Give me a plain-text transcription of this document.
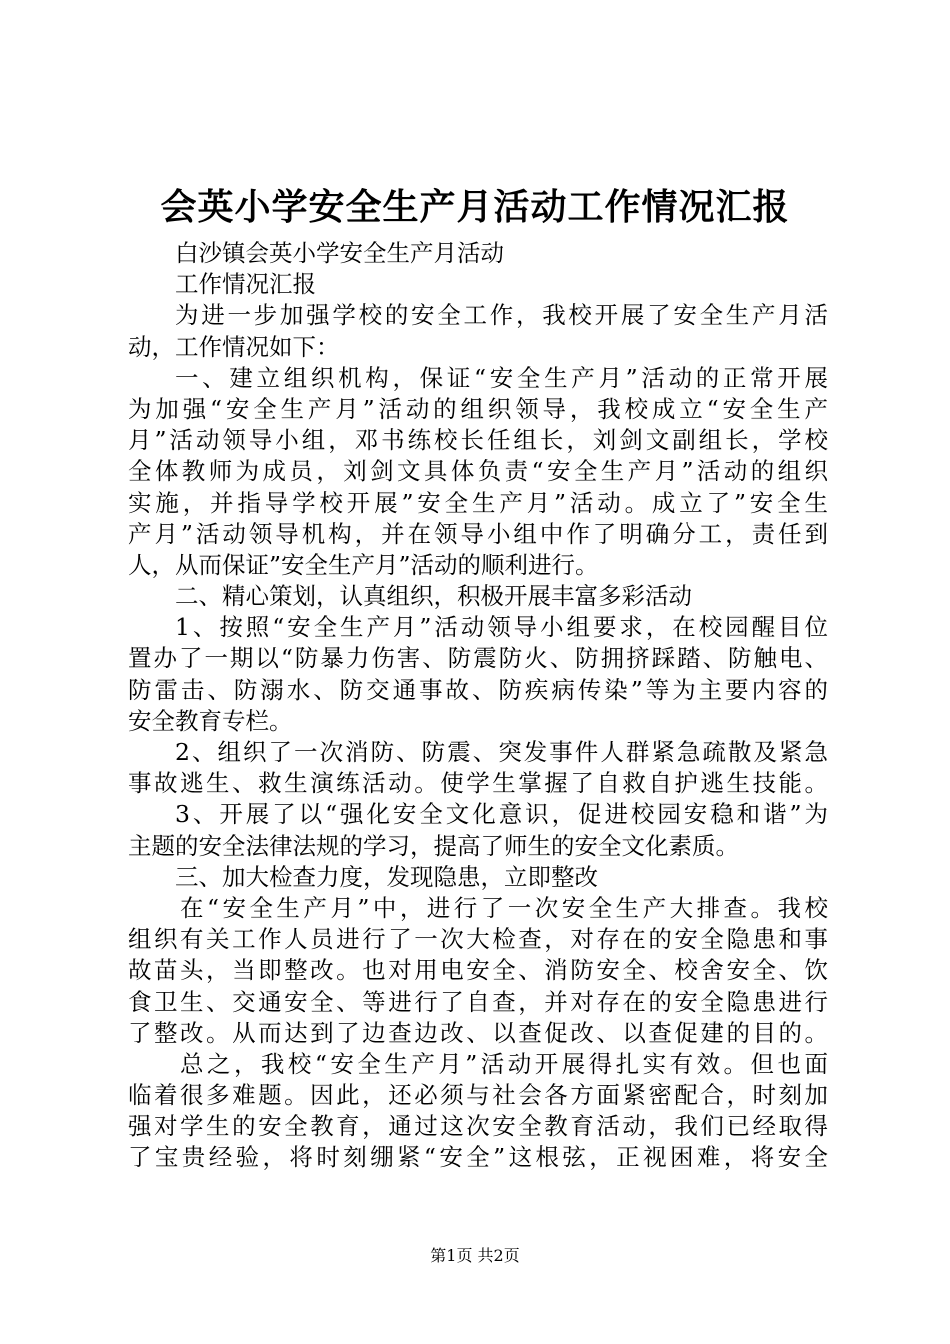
会英小学安全生产月活动工作情况汇报
白沙镇会英小学安全生产月活动
工作情况汇报
为进一步加强学校的安全工作，我校开展了安全生产月活
动，工作情况如下：
一、建立组织机构，保证“安全生产月”活动的正常开展
为加强“安全生产月”活动的组织领导，我校成立“安全生产
月”活动领导小组，邓书练校长任组长，刘剑文副组长，学校
全体教师为成员，刘剑文具体负责“安全生产月”活动的组织
实施，并指导学校开展”安全生产月”活动。成立了”安全生
产月”活动领导机构，并在领导小组中作了明确分工，责任到
人，从而保证”安全生产月”活动的顺利进行。
二、精心策划，认真组织，积极开展丰富多彩活动
1、按照“安全生产月”活动领导小组要求，在校园醒目位
置办了一期以“防暴力伤害、防震防火、防拥挤踩踏、防触电、
防雷击、防溺水、防交通事故、防疾病传染”等为主要内容的
安全教育专栏。
2、组织了一次消防、防震、突发事件人群紧急疏散及紧急
事故逃生、救生演练活动。使学生掌握了自救自护逃生技能。
3、开展了以“强化安全文化意识，促进校园安稳和谐”为
主题的安全法律法规的学习，提高了师生的安全文化素质。
三、加大检查力度，发现隐患，立即整改
在“安全生产月”中，进行了一次安全生产大排查。我校
组织有关工作人员进行了一次大检查，对存在的安全隐患和事
故苗头，当即整改。也对用电安全、消防安全、校舍安全、饮
食卫生、交通安全、等进行了自查，并对存在的安全隐患进行
了整改。从而达到了边查边改、以查促改、以查促建的目的。
总之，我校“安全生产月”活动开展得扎实有效。但也面
临着很多难题。因此，还必须与社会各方面紧密配合，时刻加
强对学生的安全教育，通过这次安全教育活动，我们已经取得
了宝贵经验，将时刻绷紧“安全”这根弦，正视困难，将安全
第1页 共2页
